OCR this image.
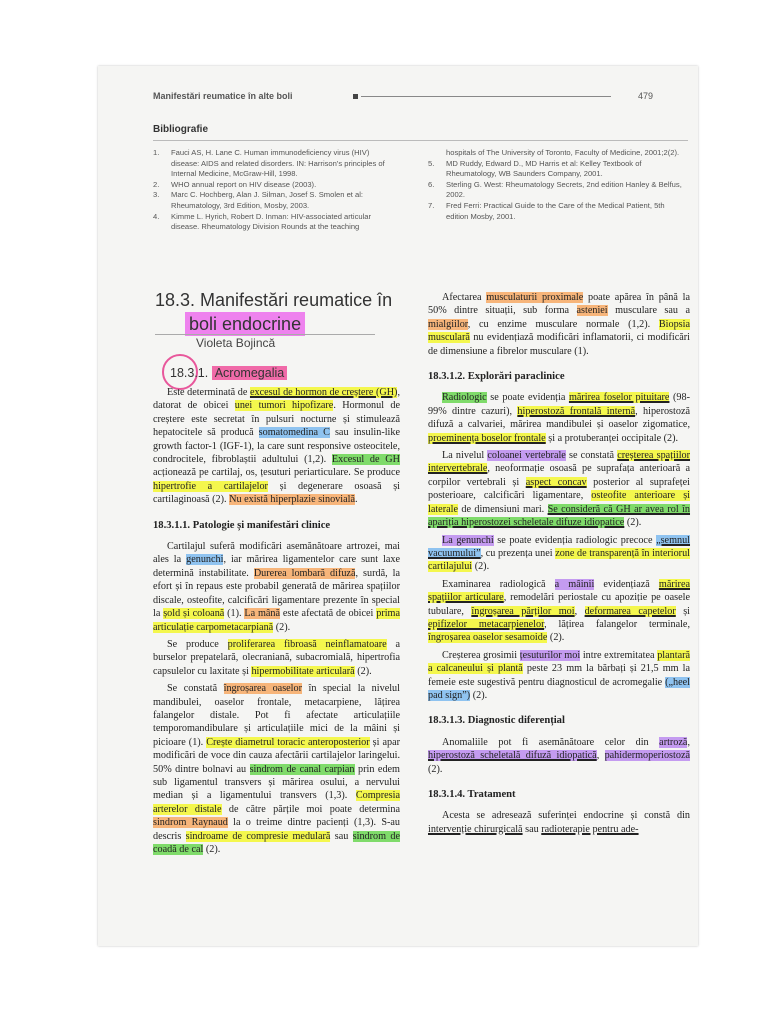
Manifestări reumatice în alte boli	479
Bibliografie
1.	Fauci AS, H. Lane C. Human immunodeficiency virus (HIV) disease: AIDS and related disorders. IN: Harrison's principles of Internal Medicine, McGraw-Hill, 1998.
2.	WHO annual report on HIV disease (2003).
3.	Marc C. Hochberg, Alan J. Silman, Josef S. Smolen et al: Rheumatology, 3rd Edition, Mosby, 2003.
4.	Kimme L. Hyrich, Robert D. Inman: HIV-associated articular disease. Rheumatology Division Rounds at the teaching
hospitals of The University of Toronto, Faculty of Medicine, 2001;2(2).
5.	MD Ruddy, Edward D., MD Harris et al: Kelley Textbook of Rheumatology, WB Saunders Company, 2001.
6.	Sterling G. West: Rheumatology Secrets, 2nd edition Hanley & Belfus, 2002.
7.	Fred Ferri: Practical Guide to the Care of the Medical Patient, 5th edition Mosby, 2001.
18.3. Manifestări reumatice în
boli endocrine
Violeta Bojincă
18.3.1. Acromegalia

Este determinată de excesul de hormon de creștere (GH), datorat de obicei unei tumori hipofizare. Hormonul de creștere este secretat în pulsuri nocturne și stimulează hepatocitele să producă somatomedina C sau insulin-like growth factor-1 (IGF-1), la care sunt responsive osteocitele, condrocitele, fibroblaștii adultului (1,2). Excesul de GH acționează pe cartilaj, os, țesuturi periarticulare. Se produce hipertrofie a cartilajelor și degenerare osoasă și cartilaginoasă (2). Nu există hiperplazie sinovială.

18.3.1.1. Patologie și manifestări clinice

Cartilajul suferă modificări asemănătoare artrozei, mai ales la genunchi, iar mărirea ligamentelor care sunt laxe determină instabilitate. Durerea lombară difuză, surdă, la efort și în repaus este probabil generată de mărirea spațiilor discale, osteofite, calcificări ligamentare prezente în special la șold și coloană (1). La mână este afectată de obicei prima articulație carpometacarpiană (2).

Se produce proliferarea fibroasă neinflamatoare a burselor prepatelară, olecraniană, subacromială, hipertrofia capsulelor cu laxitate și hipermobilitate articulară (2).

Se constată îngroșarea oaselor în special la nivelul mandibulei, oaselor frontale, metacarpiene, lățirea falangelor distale. Pot fi afectate articulațiile temporomandibulare și articulațiile mici de la mâini și picioare (1). Crește diametrul toracic anteroposterior și apar modificări de voce din cauza afectării cartilajelor laringelui. 50% dintre bolnavi au sindrom de canal carpian prin edem sub ligamentul transvers și mărirea osului, a nervului median și a ligamentului transvers (1,3). Compresia arterelor distale de către părțile moi poate determina sindrom Raynaud la o treime dintre pacienți (1,3). S-au descris sindroame de compresie medulară sau sindrom de coadă de cal (2).

Afectarea musculaturii proximale poate apărea în până la 50% dintre situații, sub forma asteniei musculare sau a mialgiilor, cu enzime musculare normale (1,2). Biopsia musculară nu evidențiază modificări inflamatorii, ci modificări de dimensiune a fibrelor musculare (1).

18.3.1.2. Explorări paraclinice

Radiologic se poate evidenția mărirea foselor pituitare (98-99% dintre cazuri), hiperostoză frontală internă, hiperostoză difuză a calvariei, mărirea mandibulei și oaselor zigomatice, proeminența boselor frontale și a protuberanței occipitale (2).

La nivelul coloanei vertebrale se constată creșterea spațiilor intervertebrale, neoformație osoasă pe suprafața anterioară a corpilor vertebrali și aspect concav posterior al suprafeței posterioare, calcificări ligamentare, osteofite anterioare și laterale de dimensiuni mari. Se consideră că GH ar avea rol în apariția hiperostozei scheletale difuze idiopatice (2).

La genunchi se poate evidenția radiologic precoce „semnul vacuumului”, cu prezența unei zone de transparență în interiorul cartilajului (2).

Examinarea radiologică a mâinii evidențiază mărirea spațiilor articulare, remodelări periostale cu apoziție pe oasele tubulare, îngroșarea părților moi, deformarea capetelor și epifizelor metacarpienelor, lățirea falangelor terminale, îngroșarea oaselor sesamoide (2).

Creșterea grosimii țesuturilor moi intre extremitatea plantară a calcaneului și plantă peste 23 mm la bărbați și 21,5 mm la femeie este sugestivă pentru diagnosticul de acromegalie („heel pad sign”) (2).

18.3.1.3. Diagnostic diferențial

Anomaliile pot fi asemănătoare celor din artroză, hiperostoză scheletală difuză idiopatică, pahidermoperiostoză (2).

18.3.1.4. Tratament

Acesta se adresează suferinței endocrine și constă din intervenție chirurgicală sau radioterapie pentru ade-
